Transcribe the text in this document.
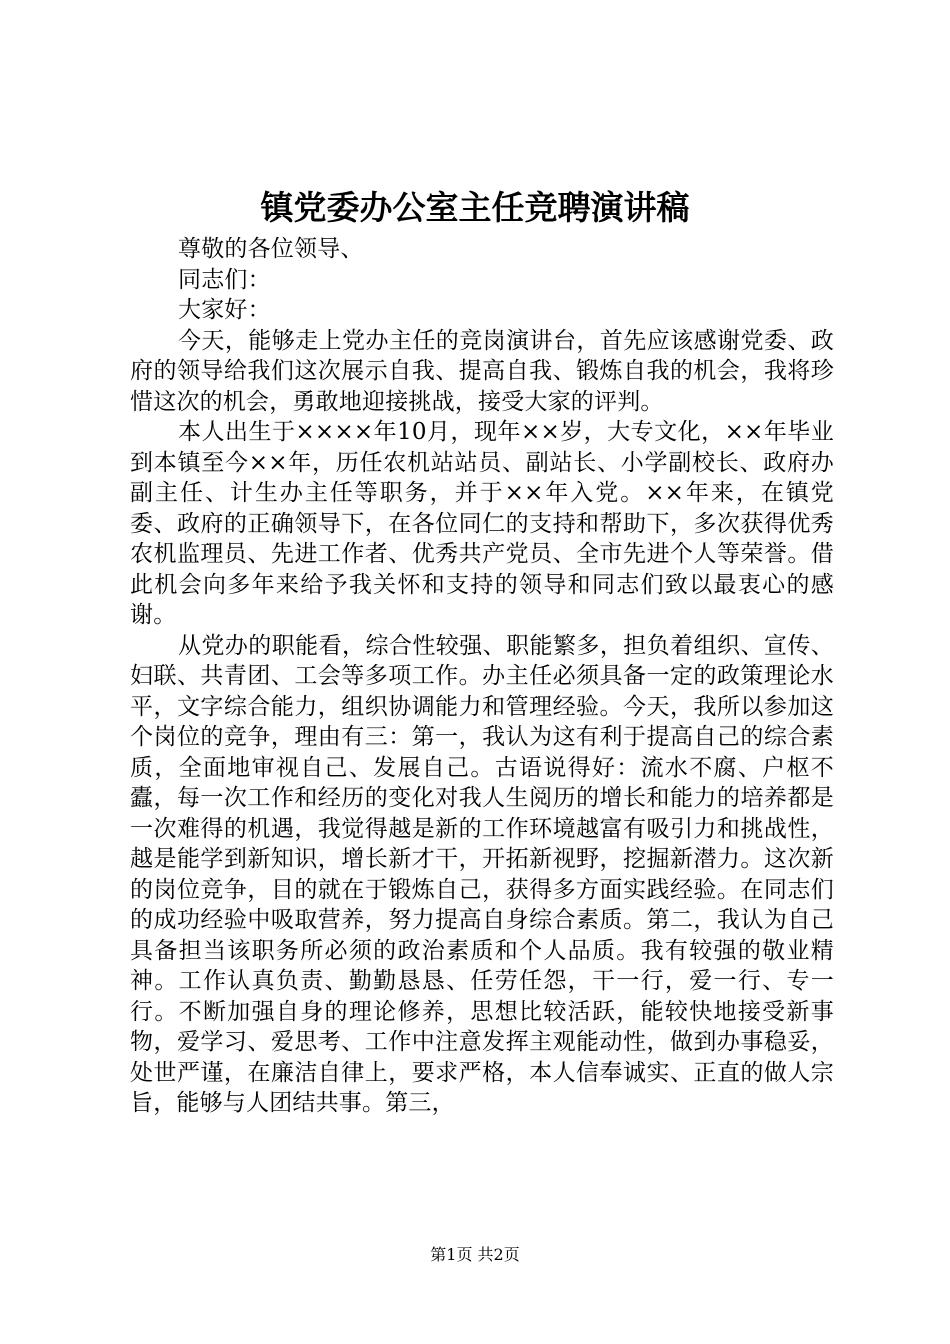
镇党委办公室主任竞聘演讲稿

尊敬的各位领导、

同志们：

大家好：

今天，能够走上党办主任的竞岗演讲台，首先应该感谢党委、政府的领导给我们这次展示自我、提高自我、锻炼自我的机会，我将珍惜这次的机会，勇敢地迎接挑战，接受大家的评判。

本人出生于××××年10月，现年××岁，大专文化，××年毕业到本镇至今××年，历任农机站站员、副站长、小学副校长、政府办副主任、计生办主任等职务，并于××年入党。××年来，在镇党委、政府的正确领导下，在各位同仁的支持和帮助下，多次获得优秀农机监理员、先进工作者、优秀共产党员、全市先进个人等荣誉。借此机会向多年来给予我关怀和支持的领导和同志们致以最衷心的感谢。

从党办的职能看，综合性较强、职能繁多，担负着组织、宣传、妇联、共青团、工会等多项工作。办主任必须具备一定的政策理论水平，文字综合能力，组织协调能力和管理经验。今天，我所以参加这个岗位的竞争，理由有三：第一，我认为这有利于提高自己的综合素质，全面地审视自己、发展自己。古语说得好：流水不腐、户枢不蠹，每一次工作和经历的变化对我人生阅历的增长和能力的培养都是一次难得的机遇，我觉得越是新的工作环境越富有吸引力和挑战性，越是能学到新知识，增长新才干，开拓新视野，挖掘新潜力。这次新的岗位竞争，目的就在于锻炼自己，获得多方面实践经验。在同志们的成功经验中吸取营养，努力提高自身综合素质。第二，我认为自己具备担当该职务所必须的政治素质和个人品质。我有较强的敬业精神。工作认真负责、勤勤恳恳、任劳任怨，干一行，爱一行、专一行。不断加强自身的理论修养，思想比较活跃，能较快地接受新事物，爱学习、爱思考、工作中注意发挥主观能动性，做到办事稳妥，处世严谨，在廉洁自律上，要求严格，本人信奉诚实、正直的做人宗旨，能够与人团结共事。第三，

第1页 共2页
